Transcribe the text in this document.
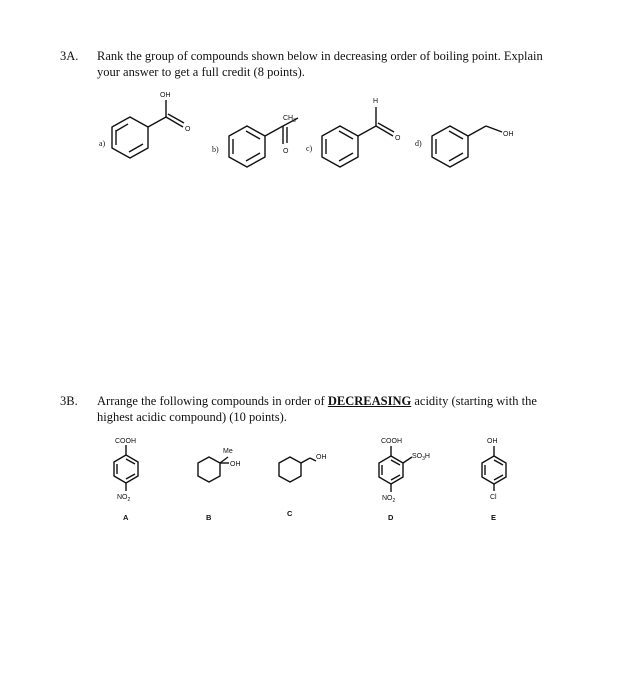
3A. Rank the group of compounds shown below in decreasing order of boiling point. Explain
your answer to get a full credit (8 points).
3B. Arrange the following compounds in order of DECREASING acidity (starting with the
highest acidic compound) (10 points).
a)
b)	c)
d)
OH
O
$CH_3$
O
H
O
OH
COOH
$NO_2$
Me
OH
OH
COOH
$SO_3H$
$NO_2$
OH
Cl
A	B	C	D	E
